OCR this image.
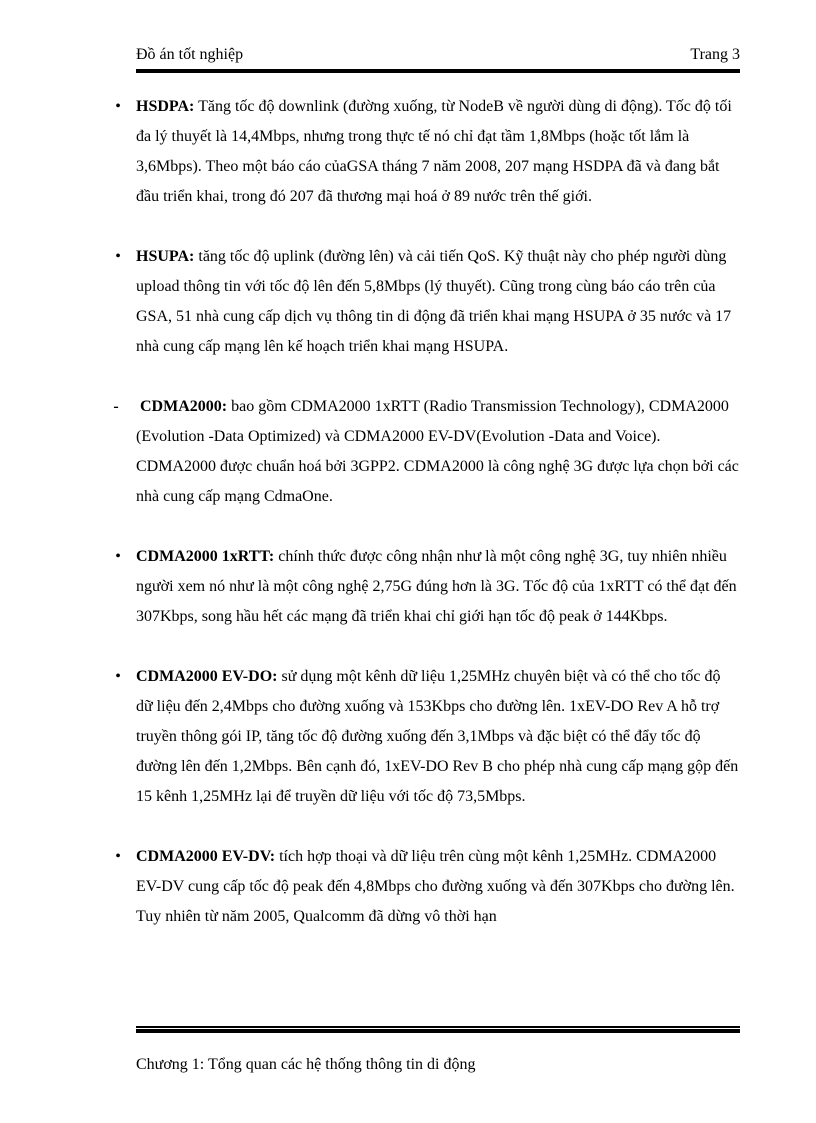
Đồ án tốt nghiệp	Trang 3
• HSDPA: Tăng tốc độ downlink (đường xuống, từ NodeB về người dùng di động). Tốc độ tối đa lý thuyết là 14,4Mbps, nhưng trong thực tế nó chỉ đạt tầm 1,8Mbps (hoặc tốt lắm là 3,6Mbps). Theo một báo cáo củaGSA tháng 7 năm 2008, 207 mạng HSDPA đã và đang bắt đầu triển khai, trong đó 207 đã thương mại hoá ở 89 nước trên thế giới.
• HSUPA: tăng tốc độ uplink (đường lên) và cải tiến QoS. Kỹ thuật này cho phép người dùng upload thông tin với tốc độ lên đến 5,8Mbps (lý thuyết). Cũng trong cùng báo cáo trên của GSA, 51 nhà cung cấp dịch vụ thông tin di động đã triển khai mạng HSUPA ở 35 nước và 17 nhà cung cấp mạng lên kế hoạch triển khai mạng HSUPA.
- CDMA2000: bao gồm CDMA2000 1xRTT (Radio Transmission Technology), CDMA2000 (Evolution -Data Optimized) và CDMA2000 EV-DV(Evolution -Data and Voice). CDMA2000 được chuẩn hoá bởi 3GPP2. CDMA2000 là công nghệ 3G được lựa chọn bởi các nhà cung cấp mạng CdmaOne.
• CDMA2000 1xRTT: chính thức được công nhận như là một công nghệ 3G, tuy nhiên nhiều người xem nó như là một công nghệ 2,75G đúng hơn là 3G. Tốc độ của 1xRTT có thể đạt đến 307Kbps, song hầu hết các mạng đã triển khai chỉ giới hạn tốc độ peak ở 144Kbps.
• CDMA2000 EV-DO: sử dụng một kênh dữ liệu 1,25MHz chuyên biệt và có thể cho tốc độ dữ liệu đến 2,4Mbps cho đường xuống và 153Kbps cho đường lên. 1xEV-DO Rev A hỗ trợ truyền thông gói IP, tăng tốc độ đường xuống đến 3,1Mbps và đặc biệt có thể đẩy tốc độ đường lên đến 1,2Mbps. Bên cạnh đó, 1xEV-DO Rev B cho phép nhà cung cấp mạng gộp đến 15 kênh 1,25MHz lại để truyền dữ liệu với tốc độ 73,5Mbps.
• CDMA2000 EV-DV: tích hợp thoại và dữ liệu trên cùng một kênh 1,25MHz. CDMA2000 EV-DV cung cấp tốc độ peak đến 4,8Mbps cho đường xuống và đến 307Kbps cho đường lên. Tuy nhiên từ năm 2005, Qualcomm đã dừng vô thời hạn
Chương 1: Tổng quan các hệ thống thông tin di động
